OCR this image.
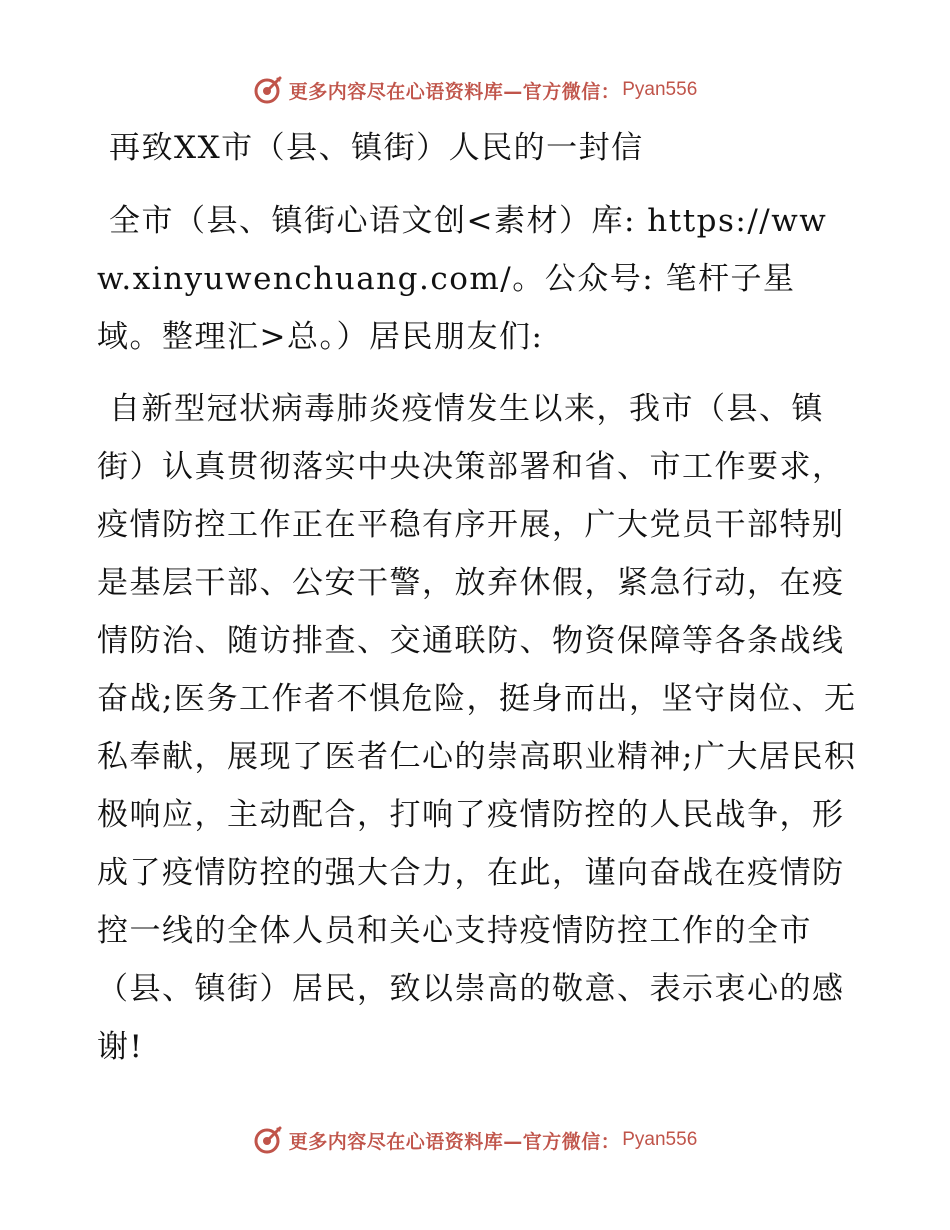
更多内容尽在心语资料库—官方微信： Pyan556
再致XX市（县、镇街）人民的一封信

全市（县、镇街心语文创<素材）库: https://www.xinyuwenchuang.com/。公众号: 笔杆子星域。整理汇>总。）居民朋友们:

自新型冠状病毒肺炎疫情发生以来，我市（县、镇街）认真贯彻落实中央决策部署和省、市工作要求，疫情防控工作正在平稳有序开展，广大党员干部特别是基层干部、公安干警，放弃休假，紧急行动，在疫情防治、随访排查、交通联防、物资保障等各条战线奋战;医务工作者不惧危险，挺身而出，坚守岗位、无私奉献，展现了医者仁心的崇高职业精神;广大居民积极响应，主动配合，打响了疫情防控的人民战争，形成了疫情防控的强大合力，在此，谨向奋战在疫情防控一线的全体人员和关心支持疫情防控工作的全市（县、镇街）居民，致以崇高的敬意、表示衷心的感谢!

更多内容尽在心语资料库—官方微信： Pyan556
